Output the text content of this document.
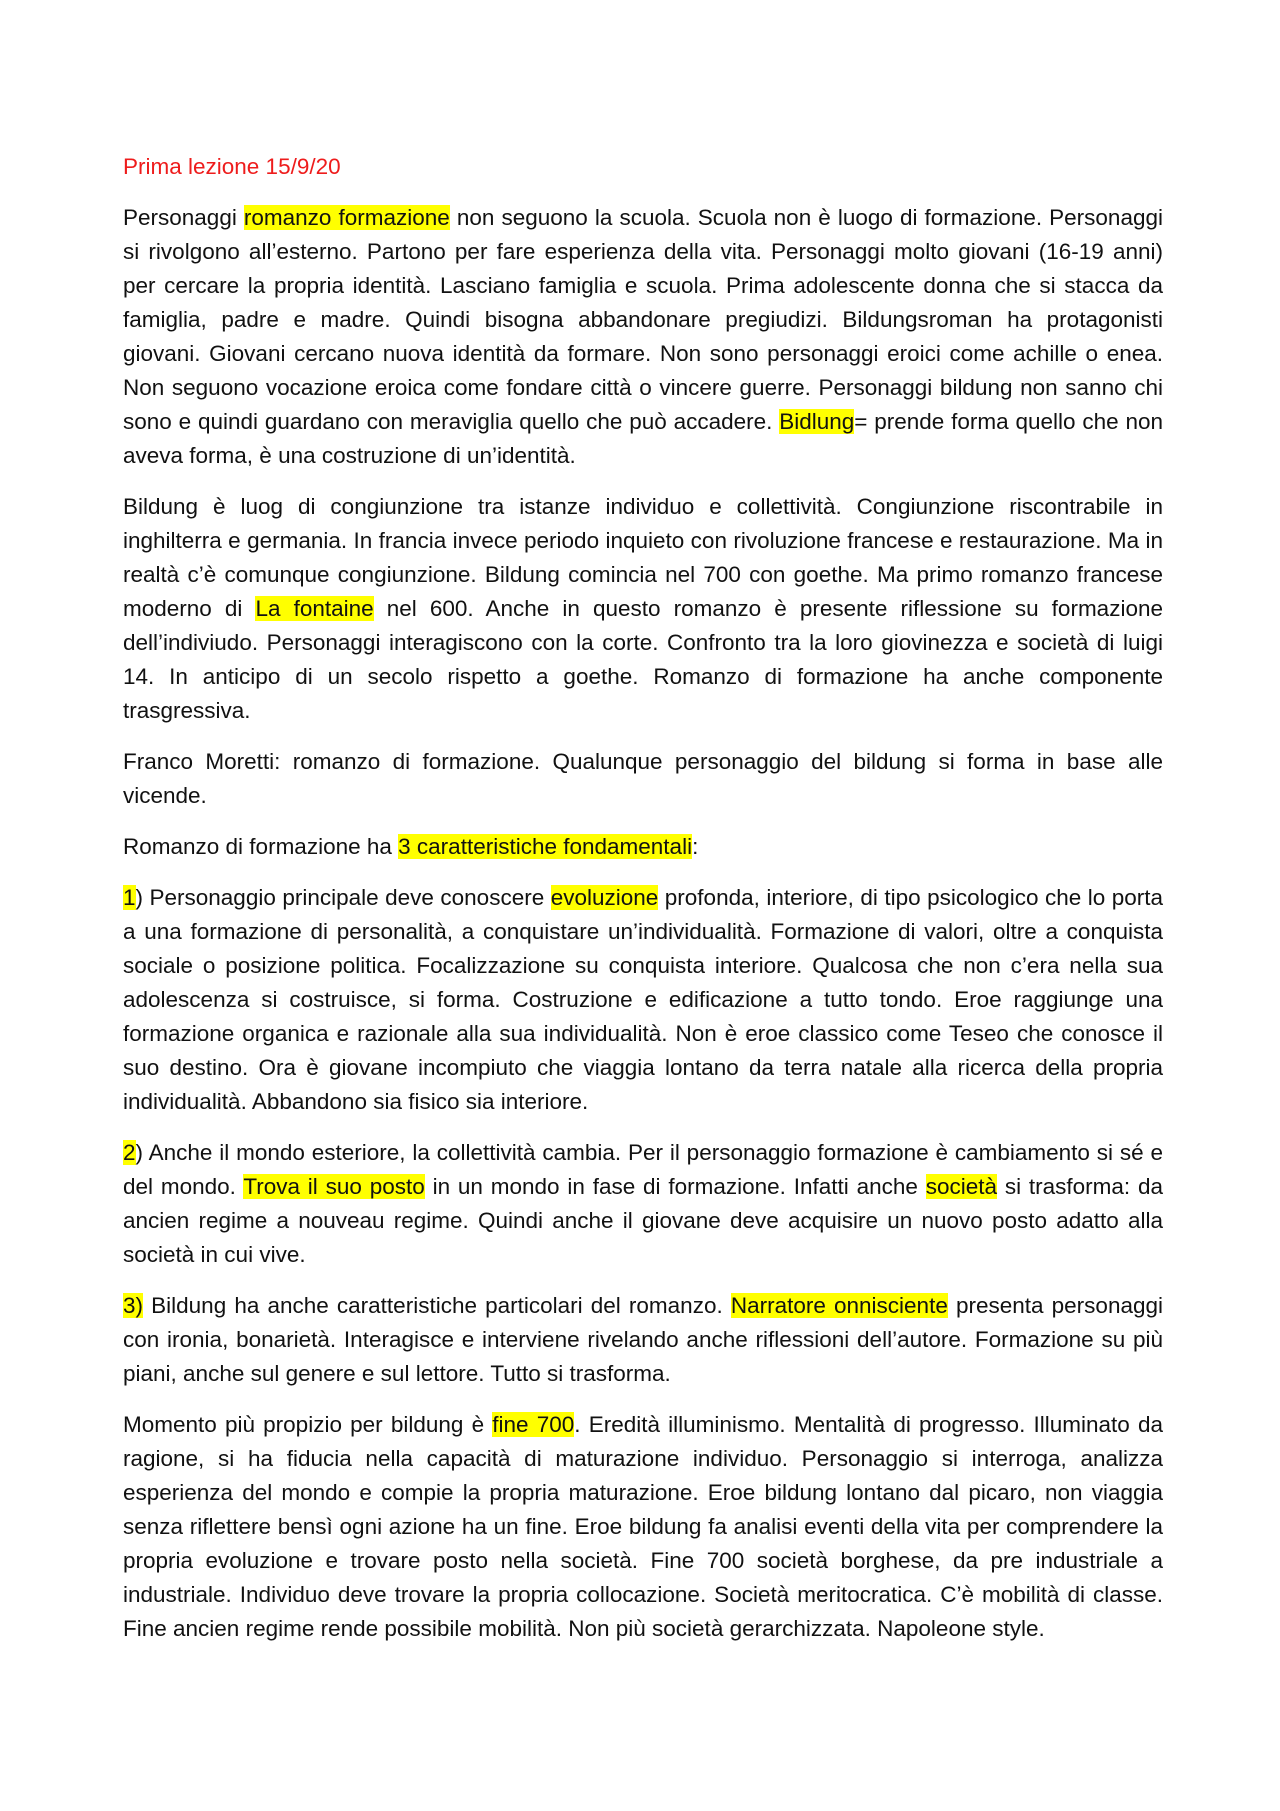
Prima lezione 15/9/20

Personaggi romanzo formazione non seguono la scuola. Scuola non è luogo di formazione. Personaggi si rivolgono all’esterno. Partono per fare esperienza della vita. Personaggi molto giovani (16-19 anni) per cercare la propria identità. Lasciano famiglia e scuola. Prima adolescente donna che si stacca da famiglia, padre e madre. Quindi bisogna abbandonare pregiudizi. Bildungsroman ha protagonisti giovani. Giovani cercano nuova identità da formare. Non sono personaggi eroici come achille o enea. Non seguono vocazione eroica come fondare città o vincere guerre. Personaggi bildung non sanno chi sono e quindi guardano con meraviglia quello che può accadere. Bidlung= prende forma quello che non aveva forma, è una costruzione di un’identità.

Bildung è luog di congiunzione tra istanze individuo e collettività. Congiunzione riscontrabile in inghilterra e germania. In francia invece periodo inquieto con rivoluzione francese e restaurazione. Ma in realtà c’è comunque congiunzione. Bildung comincia nel 700 con goethe. Ma primo romanzo francese moderno di La fontaine nel 600. Anche in questo romanzo è presente riflessione su formazione dell’indiviudo. Personaggi interagiscono con la corte. Confronto tra la loro giovinezza e società di luigi 14. In anticipo di un secolo rispetto a goethe. Romanzo di formazione ha anche componente trasgressiva.

Franco Moretti: romanzo di formazione. Qualunque personaggio del bildung si forma in base alle vicende.

Romanzo di formazione ha 3 caratteristiche fondamentali:

1) Personaggio principale deve conoscere evoluzione profonda, interiore, di tipo psicologico che lo porta a una formazione di personalità, a conquistare un’individualità. Formazione di valori, oltre a conquista sociale o posizione politica. Focalizzazione su conquista interiore. Qualcosa che non c’era nella sua adolescenza si costruisce, si forma. Costruzione e edificazione a tutto tondo. Eroe raggiunge una formazione organica e razionale alla sua individualità. Non è eroe classico come Teseo che conosce il suo destino. Ora è giovane incompiuto che viaggia lontano da terra natale alla ricerca della propria individualità. Abbandono sia fisico sia interiore.

2) Anche il mondo esteriore, la collettività cambia. Per il personaggio formazione è cambiamento si sé e del mondo. Trova il suo posto in un mondo in fase di formazione. Infatti anche società si trasforma: da ancien regime a nouveau regime. Quindi anche il giovane deve acquisire un nuovo posto adatto alla società in cui vive.

3) Bildung ha anche caratteristiche particolari del romanzo. Narratore onnisciente presenta personaggi con ironia, bonarietà. Interagisce e interviene rivelando anche riflessioni dell’autore. Formazione su più piani, anche sul genere e sul lettore. Tutto si trasforma.

Momento più propizio per bildung è fine 700. Eredità illuminismo. Mentalità di progresso. Illuminato da ragione, si ha fiducia nella capacità di maturazione individuo. Personaggio si interroga, analizza esperienza del mondo e compie la propria maturazione. Eroe bildung lontano dal picaro, non viaggia senza riflettere bensì ogni azione ha un fine. Eroe bildung fa analisi eventi della vita per comprendere la propria evoluzione e trovare posto nella società. Fine 700 società borghese, da pre industriale a industriale. Individuo deve trovare la propria collocazione. Società meritocratica. C’è mobilità di classe. Fine ancien regime rende possibile mobilità. Non più società gerarchizzata. Napoleone style.
